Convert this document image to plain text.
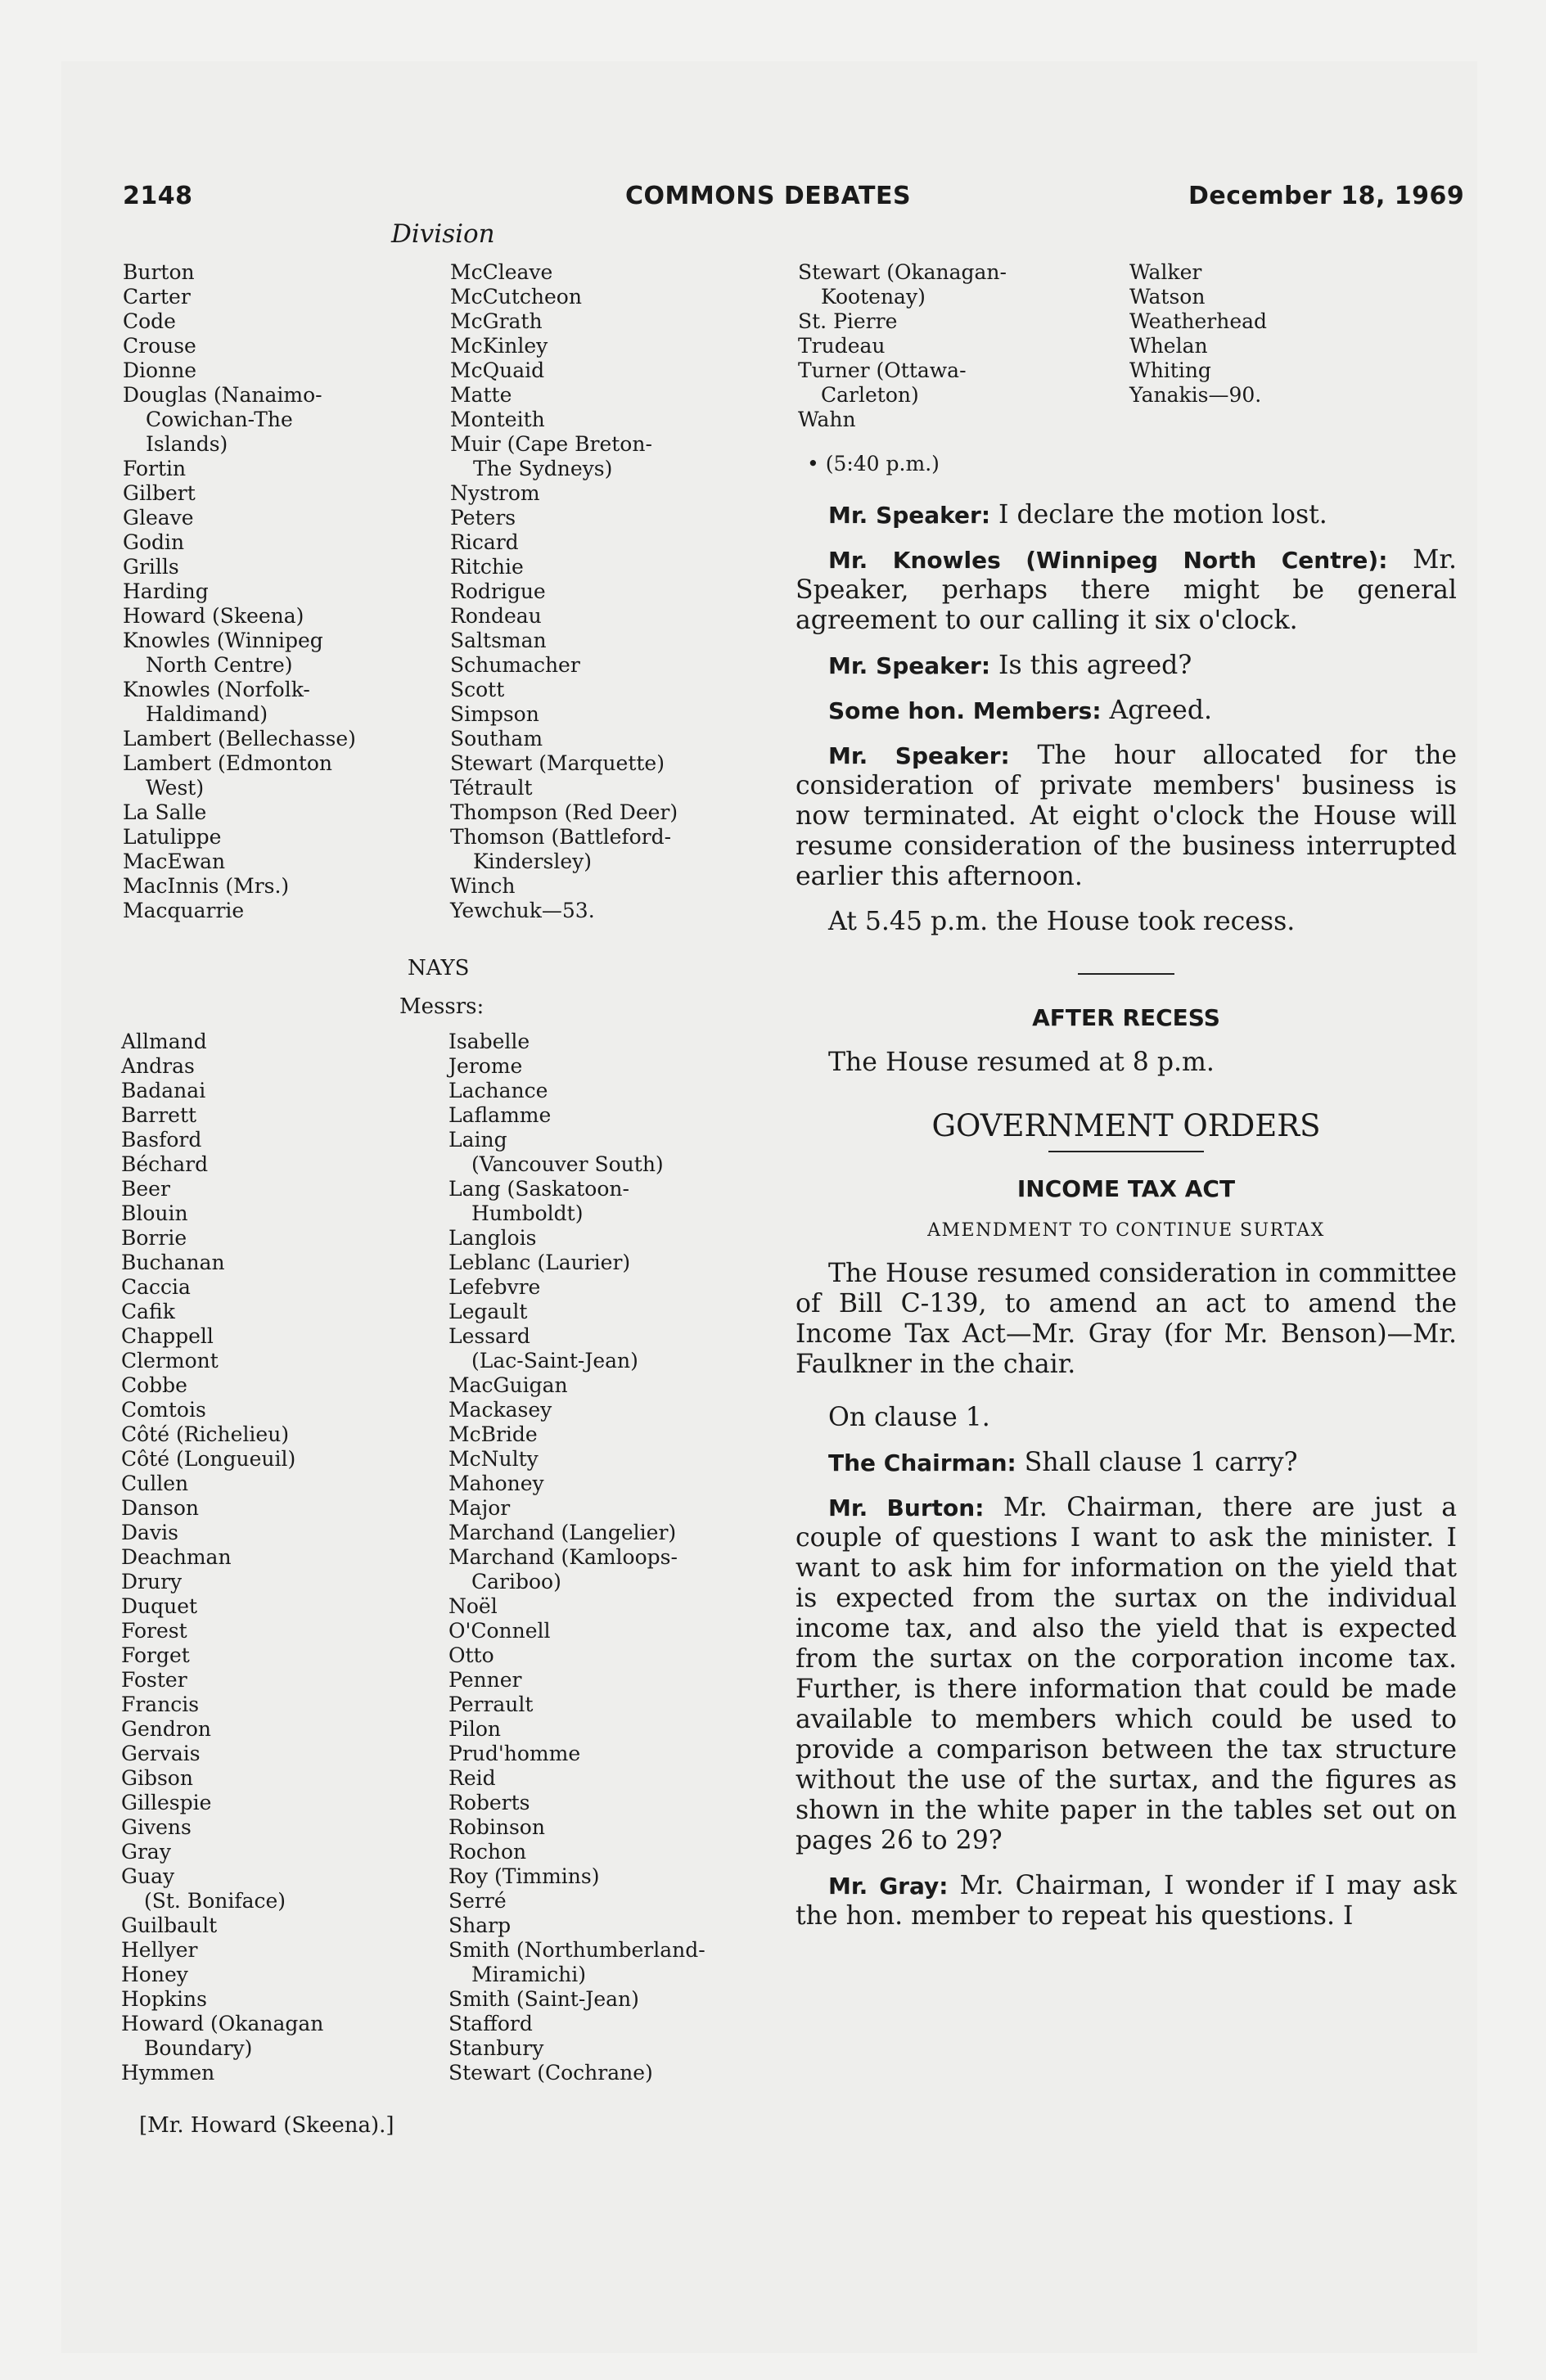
2148	COMMONS DEBATES	December 18, 1969
Division
Burton
Carter
Code
Crouse
Dionne
Douglas (Nanaimo-
Cowichan-The
Islands)
Fortin
Gilbert
Gleave
Godin
Grills
Harding
Howard (Skeena)
Knowles (Winnipeg
North Centre)
Knowles (Norfolk-
Haldimand)
Lambert (Bellechasse)
Lambert (Edmonton
West)
La Salle
Latulippe
MacEwan
MacInnis (Mrs.)
Macquarrie
McCleave
McCutcheon
McGrath
McKinley
McQuaid
Matte
Monteith
Muir (Cape Breton-
The Sydneys)
Nystrom
Peters
Ricard
Ritchie
Rodrigue
Rondeau
Saltsman
Schumacher
Scott
Simpson
Southam
Stewart (Marquette)
Tétrault
Thompson (Red Deer)
Thomson (Battleford-
Kindersley)
Winch
Yewchuk—53.
NAYS
Messrs:
Allmand
Andras
Badanai
Barrett
Basford
Béchard
Beer
Blouin
Borrie
Buchanan
Caccia
Cafik
Chappell
Clermont
Cobbe
Comtois
Côté (Richelieu)
Côté (Longueuil)
Cullen
Danson
Davis
Deachman
Drury
Duquet
Forest
Forget
Foster
Francis
Gendron
Gervais
Gibson
Gillespie
Givens
Gray
Guay
(St. Boniface)
Guilbault
Hellyer
Honey
Hopkins
Howard (Okanagan
Boundary)
Hymmen
Isabelle
Jerome
Lachance
Laflamme
Laing
(Vancouver South)
Lang (Saskatoon-
Humboldt)
Langlois
Leblanc (Laurier)
Lefebvre
Legault
Lessard
(Lac-Saint-Jean)
MacGuigan
Mackasey
McBride
McNulty
Mahoney
Major
Marchand (Langelier)
Marchand (Kamloops-
Cariboo)
Noël
O'Connell
Otto
Penner
Perrault
Pilon
Prud'homme
Reid
Roberts
Robinson
Rochon
Roy (Timmins)
Serré
Sharp
Smith (Northumberland-
Miramichi)
Smith (Saint-Jean)
Stafford
Stanbury
Stewart (Cochrane)
[Mr. Howard (Skeena).]
Stewart (Okanagan-
Kootenay)
St. Pierre
Trudeau
Turner (Ottawa-
Carleton)
Wahn
Walker
Watson
Weatherhead
Whelan
Whiting
Yanakis—90.
• (5:40 p.m.)

Mr. Speaker: I declare the motion lost.

Mr. Knowles (Winnipeg North Centre): Mr. Speaker, perhaps there might be general agreement to our calling it six o'clock.

Mr. Speaker: Is this agreed?

Some hon. Members: Agreed.

Mr. Speaker: The hour allocated for the consideration of private members' business is now terminated. At eight o'clock the House will resume consideration of the business interrupted earlier this afternoon.

At 5.45 p.m. the House took recess.

AFTER RECESS

The House resumed at 8 p.m.

GOVERNMENT ORDERS
INCOME TAX ACT
AMENDMENT TO CONTINUE SURTAX

The House resumed consideration in committee of Bill C-139, to amend an act to amend the Income Tax Act—Mr. Gray (for Mr. Benson)—Mr. Faulkner in the chair.

On clause 1.

The Chairman: Shall clause 1 carry?

Mr. Burton: Mr. Chairman, there are just a couple of questions I want to ask the minister. I want to ask him for information on the yield that is expected from the surtax on the individual income tax, and also the yield that is expected from the surtax on the corporation income tax. Further, is there information that could be made available to members which could be used to provide a comparison between the tax structure without the use of the surtax, and the figures as shown in the white paper in the tables set out on pages 26 to 29?

Mr. Gray: Mr. Chairman, I wonder if I may ask the hon. member to repeat his questions. I
